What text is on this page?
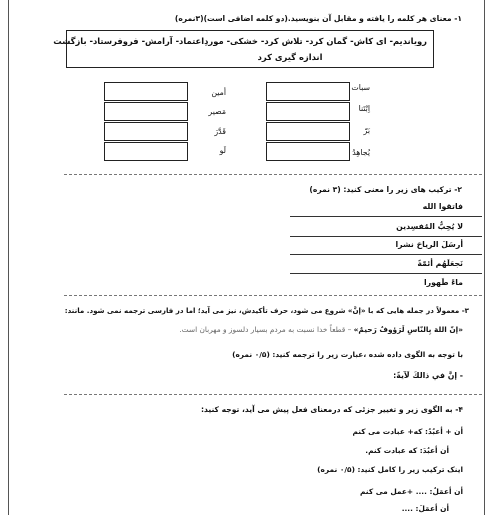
۱- معنای هر کلمه را یافته و مقابل آن بنویسید.(دو کلمه اضافی است)(۳نمره)
رویاندیم- ای کاش- گمان کرد- تلاش کرد- خشکی- موردِاعتماد- آرامش- فروفرستاد- بازگشت
اندازه گیری کرد
سبات
اِبْتَنا
بَرّ
يُجاهِدُ
أمين
مَصير
قَدَّرَ
لَو
۲- ترکیب های زیر را معنی کنید: (۳ نمره)
فاتقوا الله
لا يُحِبُّ المُفسِدين
أرسَلَ الرياحَ نشرا
نَجعَلَهُم أئمّةً
ماءً طَهورا
۳- معمولاً در جمله هایی که با «إنَّ» شروع می شود، حرف تأکیدش، نیز می آید؛ اما در فارسی ترجمه نمی شود. مانند:
«إنّ اللهَ بِالنّاسِ لَرَؤوفٌ رَحيمٌ» – قطعاً خدا نسبت به مردم بسیار دلسوز و مهربان است.
با توجه به الگوی داده شده ،عبارت زیر را ترجمه کنید: (۰/۵ نمره)
- إنَّ في ذالكَ لَآيةً:
۴- به الگوی زیر و تغییر جزئی که درمعنای فعل پیش می آید، توجه کنید:
أن + أعبُدُ: که+ عبادت می کنم
أن أعبُدَ: که عبادت کنم.
اینک ترکیب زیر را کامل کنید: (۰/۵ نمره)
أن أعمَلُ: .... +عمل می کنم
أن أعمَلَ: ....
